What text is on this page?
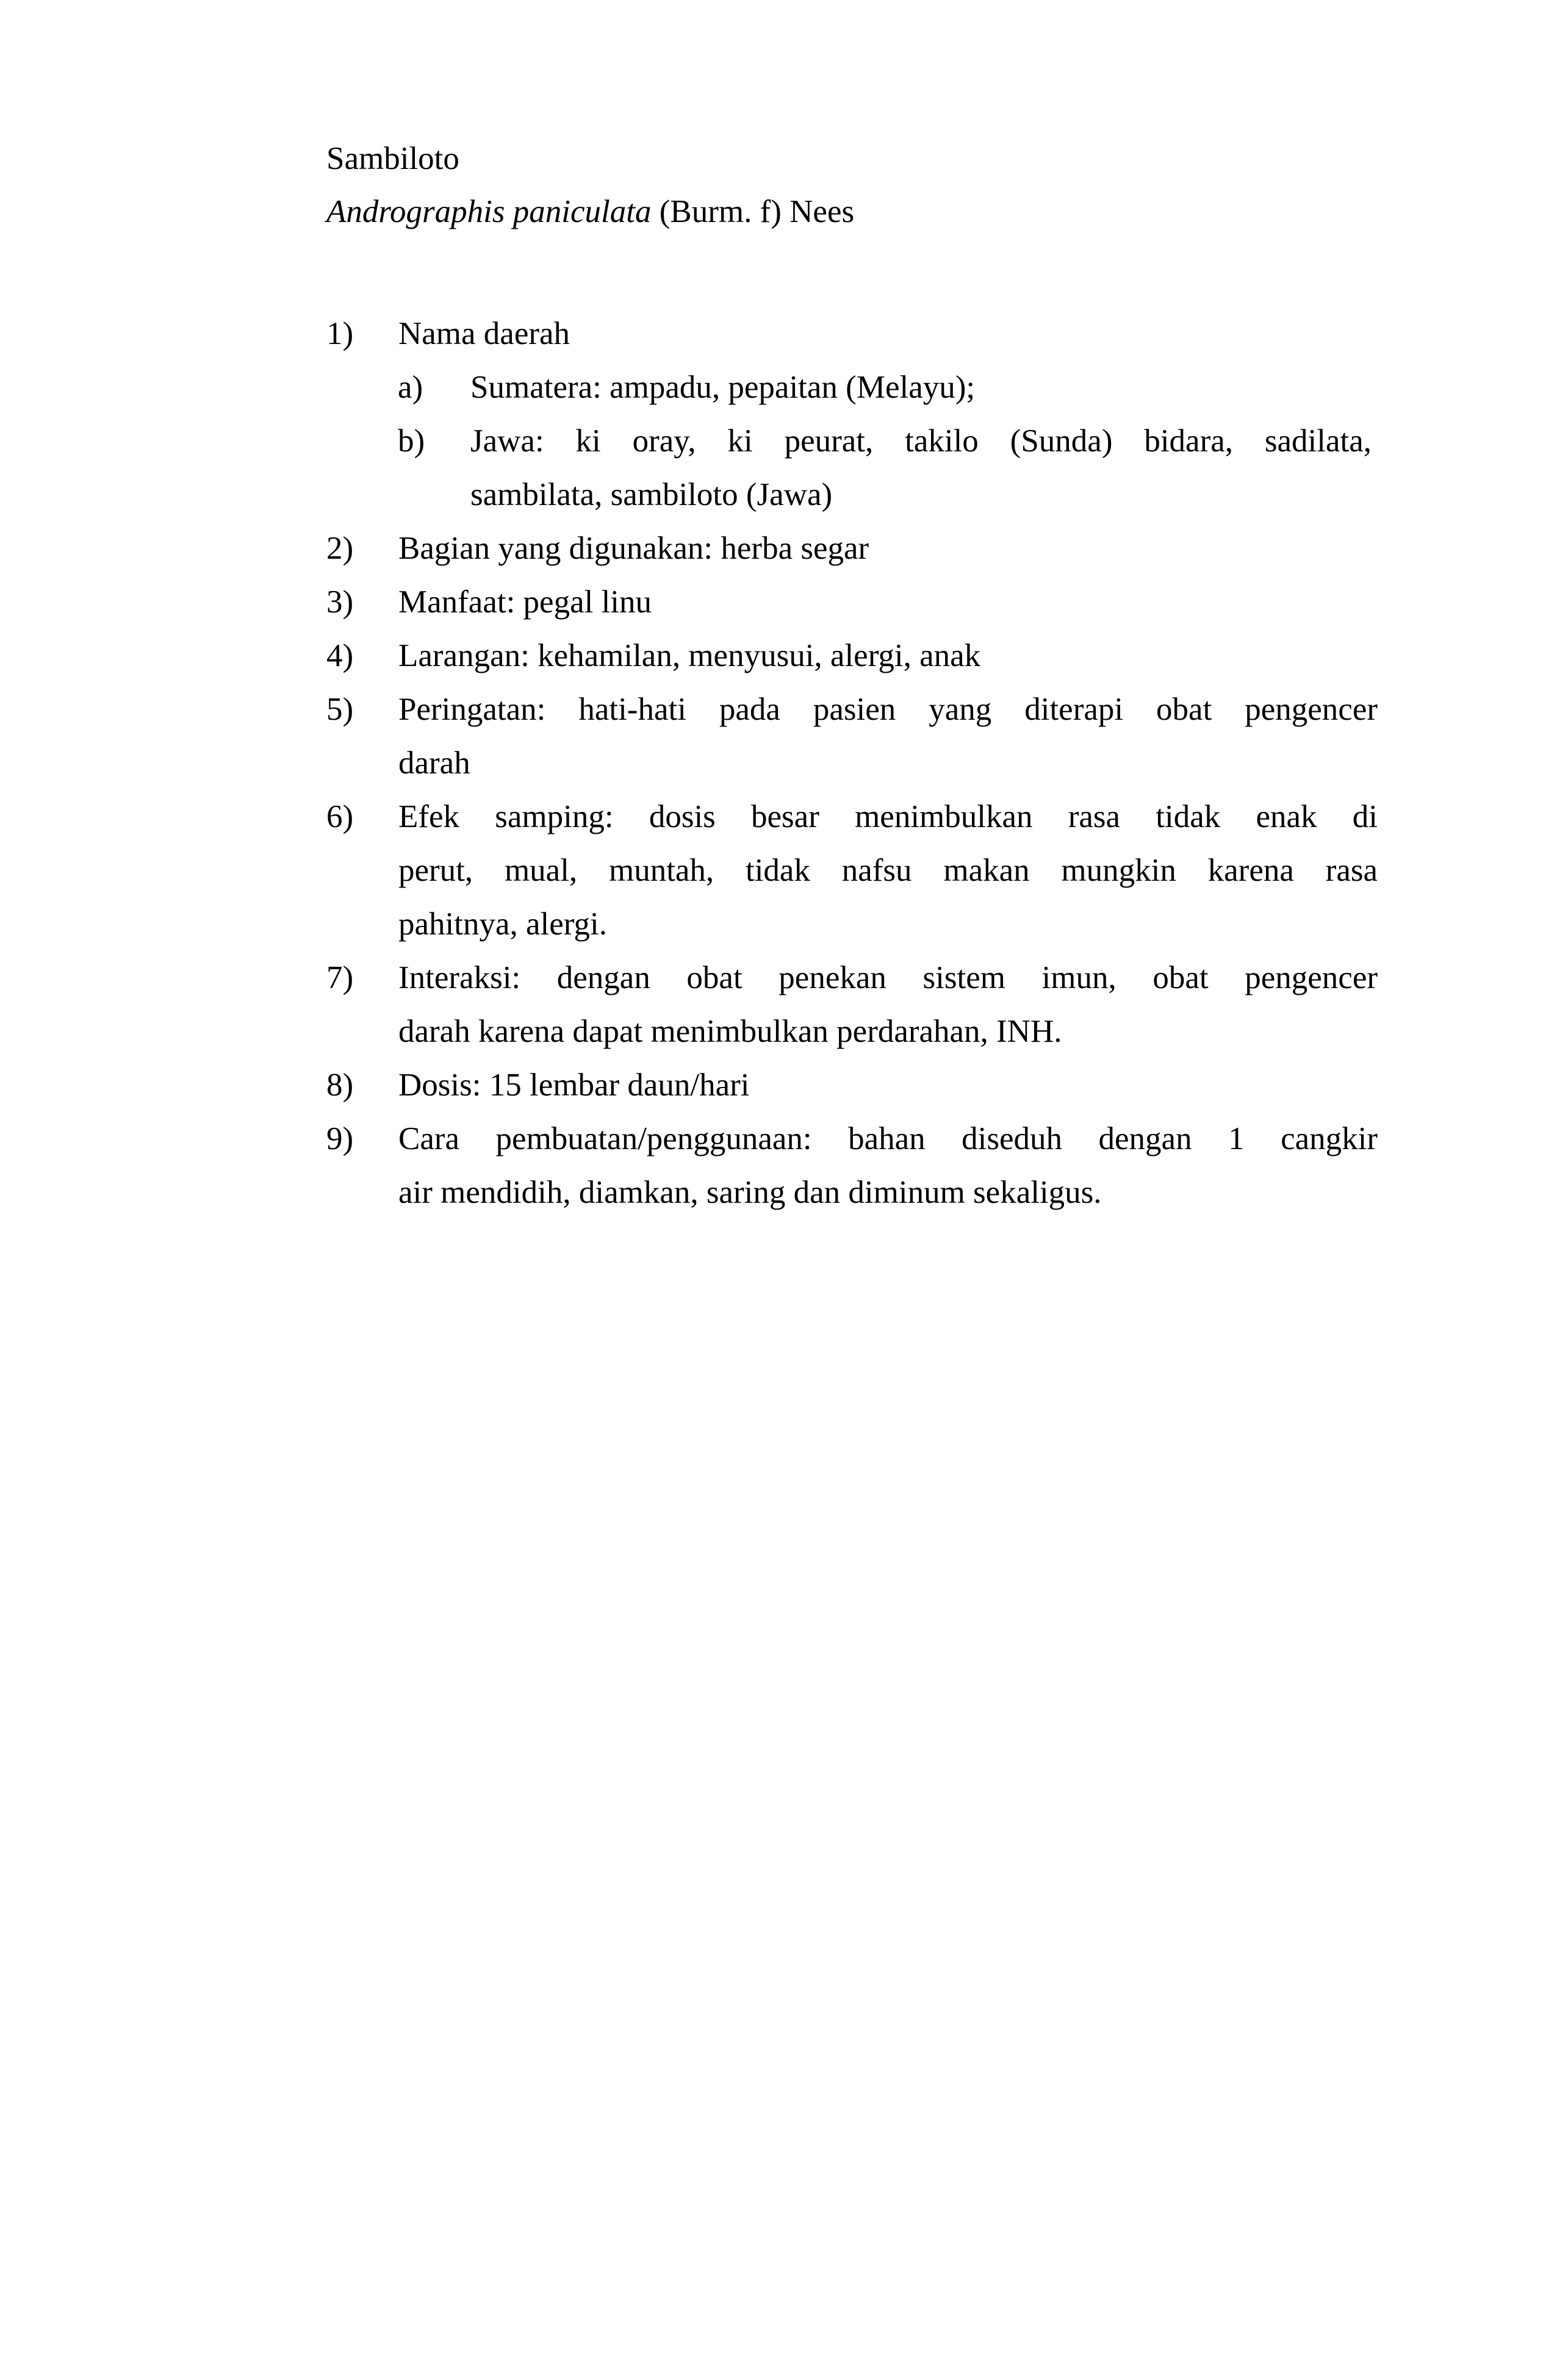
Sambiloto
Andrographis paniculata (Burm. f) Nees
1) Nama daerah
a) Sumatera: ampadu, pepaitan (Melayu);
b) Jawa: ki oray, ki peurat, takilo (Sunda) bidara, sadilata,
sambilata, sambiloto (Jawa)
2) Bagian yang digunakan: herba segar
3) Manfaat: pegal linu
4) Larangan: kehamilan, menyusui, alergi, anak
5) Peringatan: hati-hati pada pasien yang diterapi obat pengencer
darah
6) Efek samping: dosis besar menimbulkan rasa tidak enak di
perut, mual, muntah, tidak nafsu makan mungkin karena rasa
pahitnya, alergi.
7) Interaksi: dengan obat penekan sistem imun, obat pengencer
darah karena dapat menimbulkan perdarahan, INH.
8) Dosis: 15 lembar daun/hari
9) Cara pembuatan/penggunaan: bahan diseduh dengan 1 cangkir
air mendidih, diamkan, saring dan diminum sekaligus.
